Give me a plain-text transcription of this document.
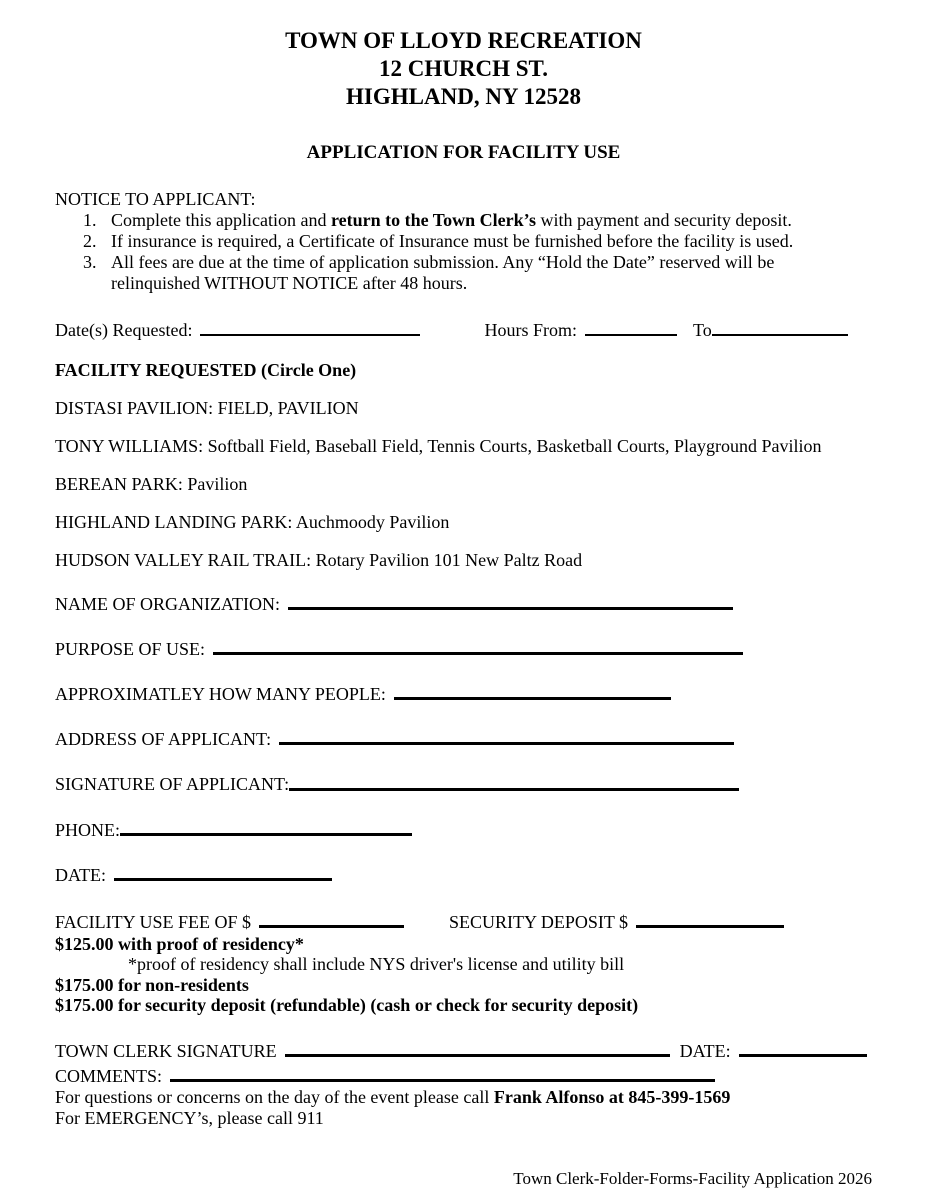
TOWN OF LLOYD RECREATION
12 CHURCH ST.
HIGHLAND, NY 12528
APPLICATION FOR FACILITY USE
NOTICE TO APPLICANT:
1. Complete this application and return to the Town Clerk’s with payment and security deposit.
2. If insurance is required, a Certificate of Insurance must be furnished before the facility is used.
3. All fees are due at the time of application submission. Any “Hold the Date” reserved will be relinquished WITHOUT NOTICE after 48 hours.
Date(s) Requested:	Hours From:	To
FACILITY REQUESTED (Circle One)
DISTASI PAVILION: FIELD, PAVILION
TONY WILLIAMS: Softball Field, Baseball Field, Tennis Courts, Basketball Courts, Playground Pavilion
BEREAN PARK: Pavilion
HIGHLAND LANDING PARK: Auchmoody Pavilion
HUDSON VALLEY RAIL TRAIL: Rotary Pavilion 101 New Paltz Road
NAME OF ORGANIZATION:
PURPOSE OF USE:
APPROXIMATLEY HOW MANY PEOPLE:
ADDRESS OF APPLICANT:
SIGNATURE OF APPLICANT:
PHONE:
DATE:
FACILITY USE FEE OF $	SECURITY DEPOSIT $
$125.00 with proof of residency*
*proof of residency shall include NYS driver's license and utility bill
$175.00 for non-residents
$175.00 for security deposit (refundable) (cash or check for security deposit)
TOWN CLERK SIGNATURE	DATE:
COMMENTS:
For questions or concerns on the day of the event please call Frank Alfonso at 845-399-1569
For EMERGENCY’s, please call 911
Town Clerk-Folder-Forms-Facility Application 2026
